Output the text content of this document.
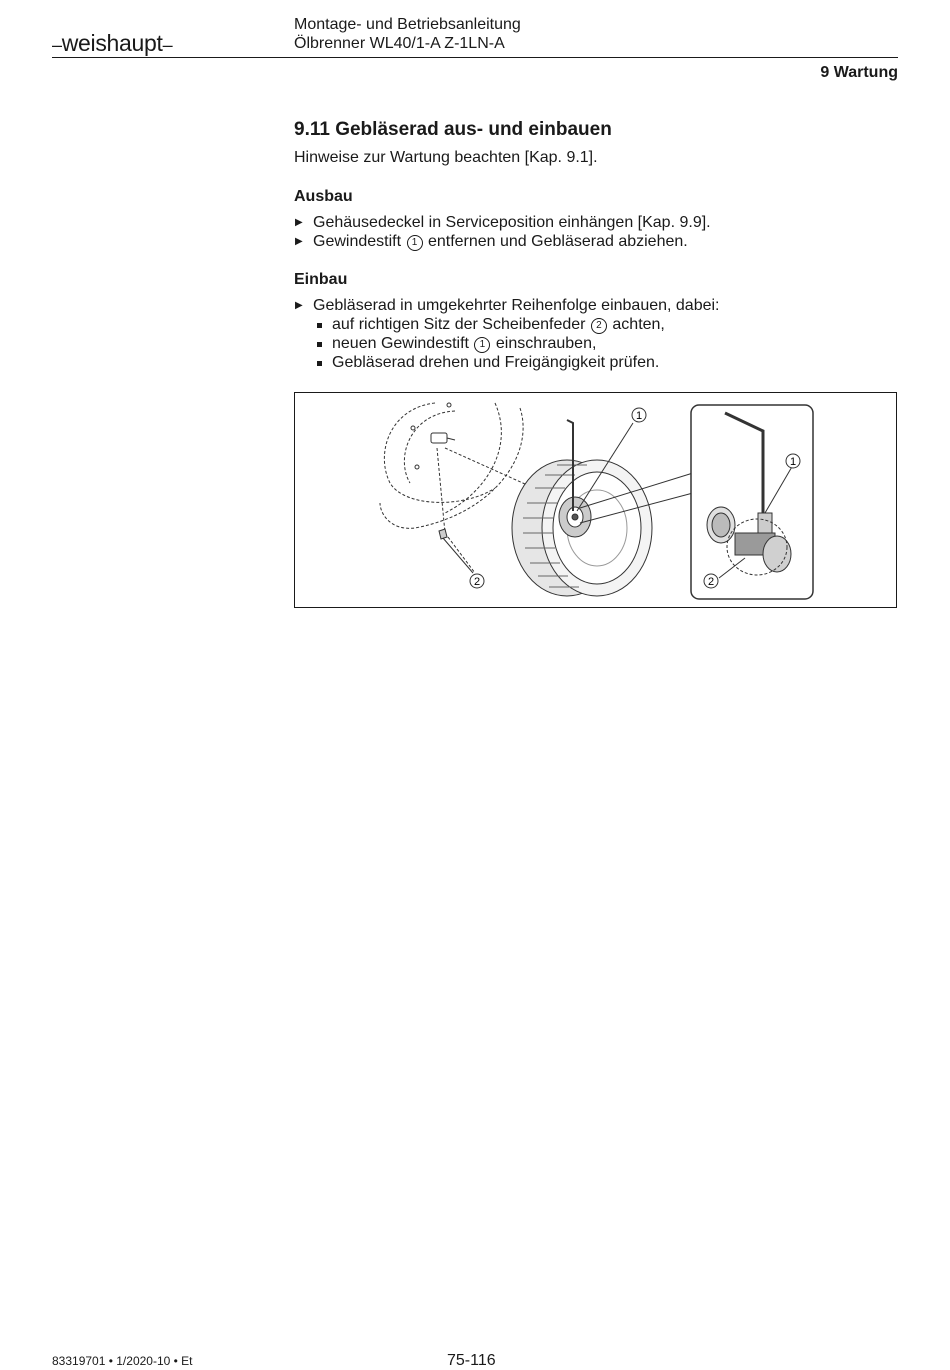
–weishaupt–
Montage- und Betriebsanleitung
Ölbrenner WL40/1-A Z-1LN-A
9 Wartung
9.11 Gebläserad aus- und einbauen

Hinweise zur Wartung beachten [Kap. 9.1].

Ausbau
▶ Gehäusedeckel in Serviceposition einhängen [Kap. 9.9].
▶ Gewindestift 1 entfernen und Gebläserad abziehen.
Einbau
▶ Gebläserad in umgekehrter Reihenfolge einbauen, dabei:
auf richtigen Sitz der Scheibenfeder 2 achten,
neuen Gewindestift 1 einschrauben,
Gebläserad drehen und Freigängigkeit prüfen.
1
2
1
2
83319701 • 1/2020-10 • Et	75-116
